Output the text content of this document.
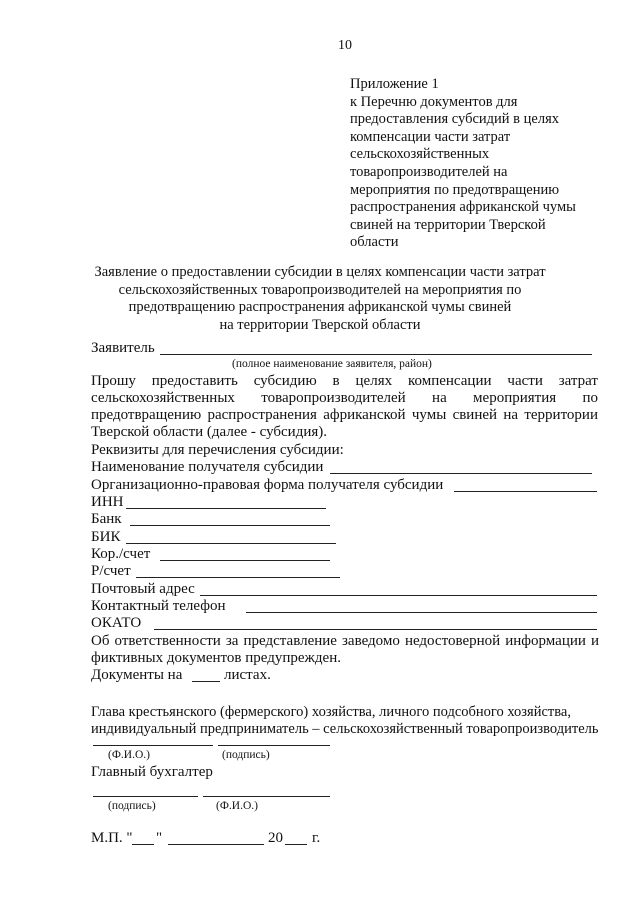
10
Приложение 1
к Перечню документов для
предоставления субсидий в целях
компенсации части затрат
сельскохозяйственных
товаропроизводителей на
мероприятия по предотвращению
распространения африканской чумы
свиней на территории Тверской
области
Заявление о предоставлении субсидии в целях компенсации части затрат
сельскохозяйственных товаропроизводителей на мероприятия по
предотвращению распространения африканской чумы свиней
на территории Тверской области
Заявитель
(полное наименование заявителя, район)
Прошу предоставить субсидию в целях компенсации части затрат
сельскохозяйственных товаропроизводителей на мероприятия по
предотвращению распространения африканской чумы свиней на территории
Тверской области (далее - субсидия).
Реквизиты для перечисления субсидии:
Наименование получателя субсидии
Организационно-правовая форма получателя субсидии
ИНН
Банк
БИК
Кор./счет
Р/счет
Почтовый адрес
Контактный телефон
ОКАТО
Об ответственности за представление заведомо недостоверной информации и
фиктивных документов предупрежден.
Документы на	листах.
Глава крестьянского (фермерского) хозяйства, личного подсобного хозяйства,
индивидуальный предприниматель – сельскохозяйственный товаропроизводитель
(Ф.И.О.)	(подпись)
Главный бухгалтер
(подпись)	(Ф.И.О.)
М.П. " "	20 г.
